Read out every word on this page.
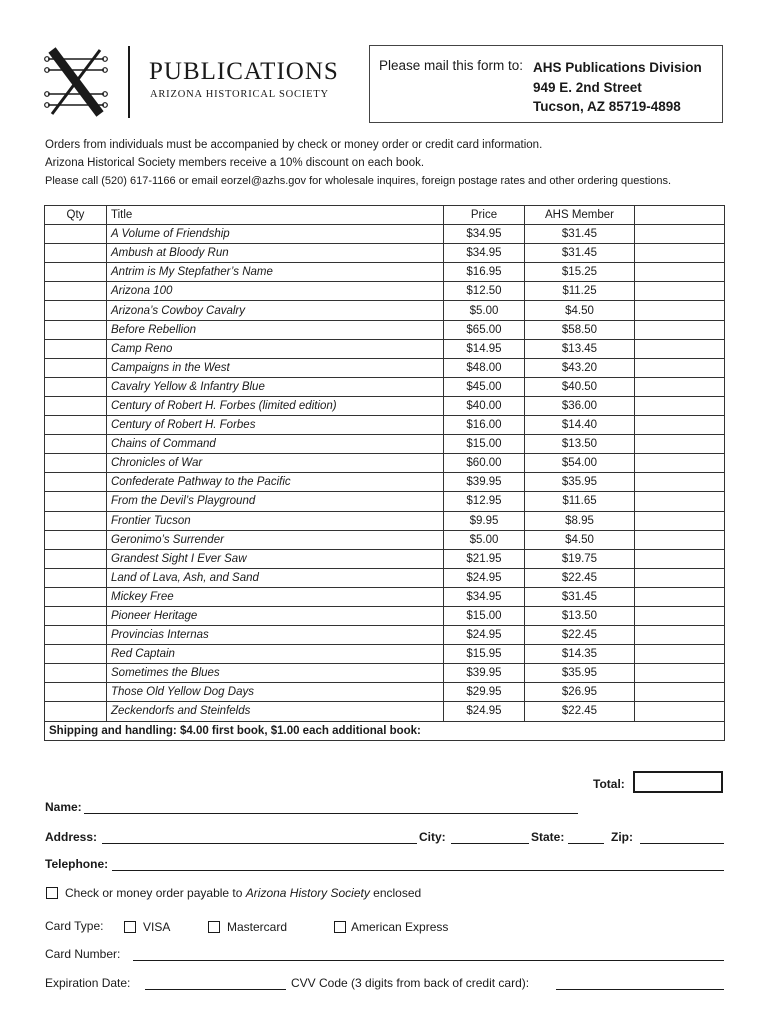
PUBLICATIONS
ARIZONA HISTORICAL SOCIETY
Please mail this form to: AHS Publications Division
949 E. 2nd Street
Tucson, AZ 85719-4898
Orders from individuals must be accompanied by check or money order or credit card information.
Arizona Historical Society members receive a 10% discount on each book.
Please call (520) 617-1166 or email eorzel@azhs.gov for wholesale inquires, foreign postage rates and other ordering questions.
Qty	Title	Price	AHS Member	
	A Volume of Friendship	$34.95	$31.45	
	Ambush at Bloody Run	$34.95	$31.45	
	Antrim is My Stepfather’s Name	$16.95	$15.25	
	Arizona 100	$12.50	$11.25	
	Arizona’s Cowboy Cavalry	$5.00	$4.50	
	Before Rebellion	$65.00	$58.50	
	Camp Reno	$14.95	$13.45	
	Campaigns in the West	$48.00	$43.20	
	Cavalry Yellow & Infantry Blue	$45.00	$40.50	
	Century of Robert H. Forbes (limited edition)	$40.00	$36.00	
	Century of Robert H. Forbes	$16.00	$14.40	
	Chains of Command	$15.00	$13.50	
	Chronicles of War	$60.00	$54.00	
	Confederate Pathway to the Pacific	$39.95	$35.95	
	From the Devil’s Playground	$12.95	$11.65	
	Frontier Tucson	$9.95	$8.95	
	Geronimo’s Surrender	$5.00	$4.50	
	Grandest Sight I Ever Saw	$21.95	$19.75	
	Land of Lava, Ash, and Sand	$24.95	$22.45	
	Mickey Free	$34.95	$31.45	
	Pioneer Heritage	$15.00	$13.50	
	Provincias Internas	$24.95	$22.45	
	Red Captain	$15.95	$14.35	
	Sometimes the Blues	$39.95	$35.95	
	Those Old Yellow Dog Days	$29.95	$26.95	
	Zeckendorfs and Steinfelds	$24.95	$22.45	
Shipping and handling: $4.00 first book, $1.00 each additional book:				
Total:
Name:
Address:	City:	State:	Zip:
Telephone:
Check or money order payable to Arizona History Society enclosed
Card Type:	VISA	Mastercard	American Express
Card Number:
Expiration Date:	CVV Code (3 digits from back of credit card):
